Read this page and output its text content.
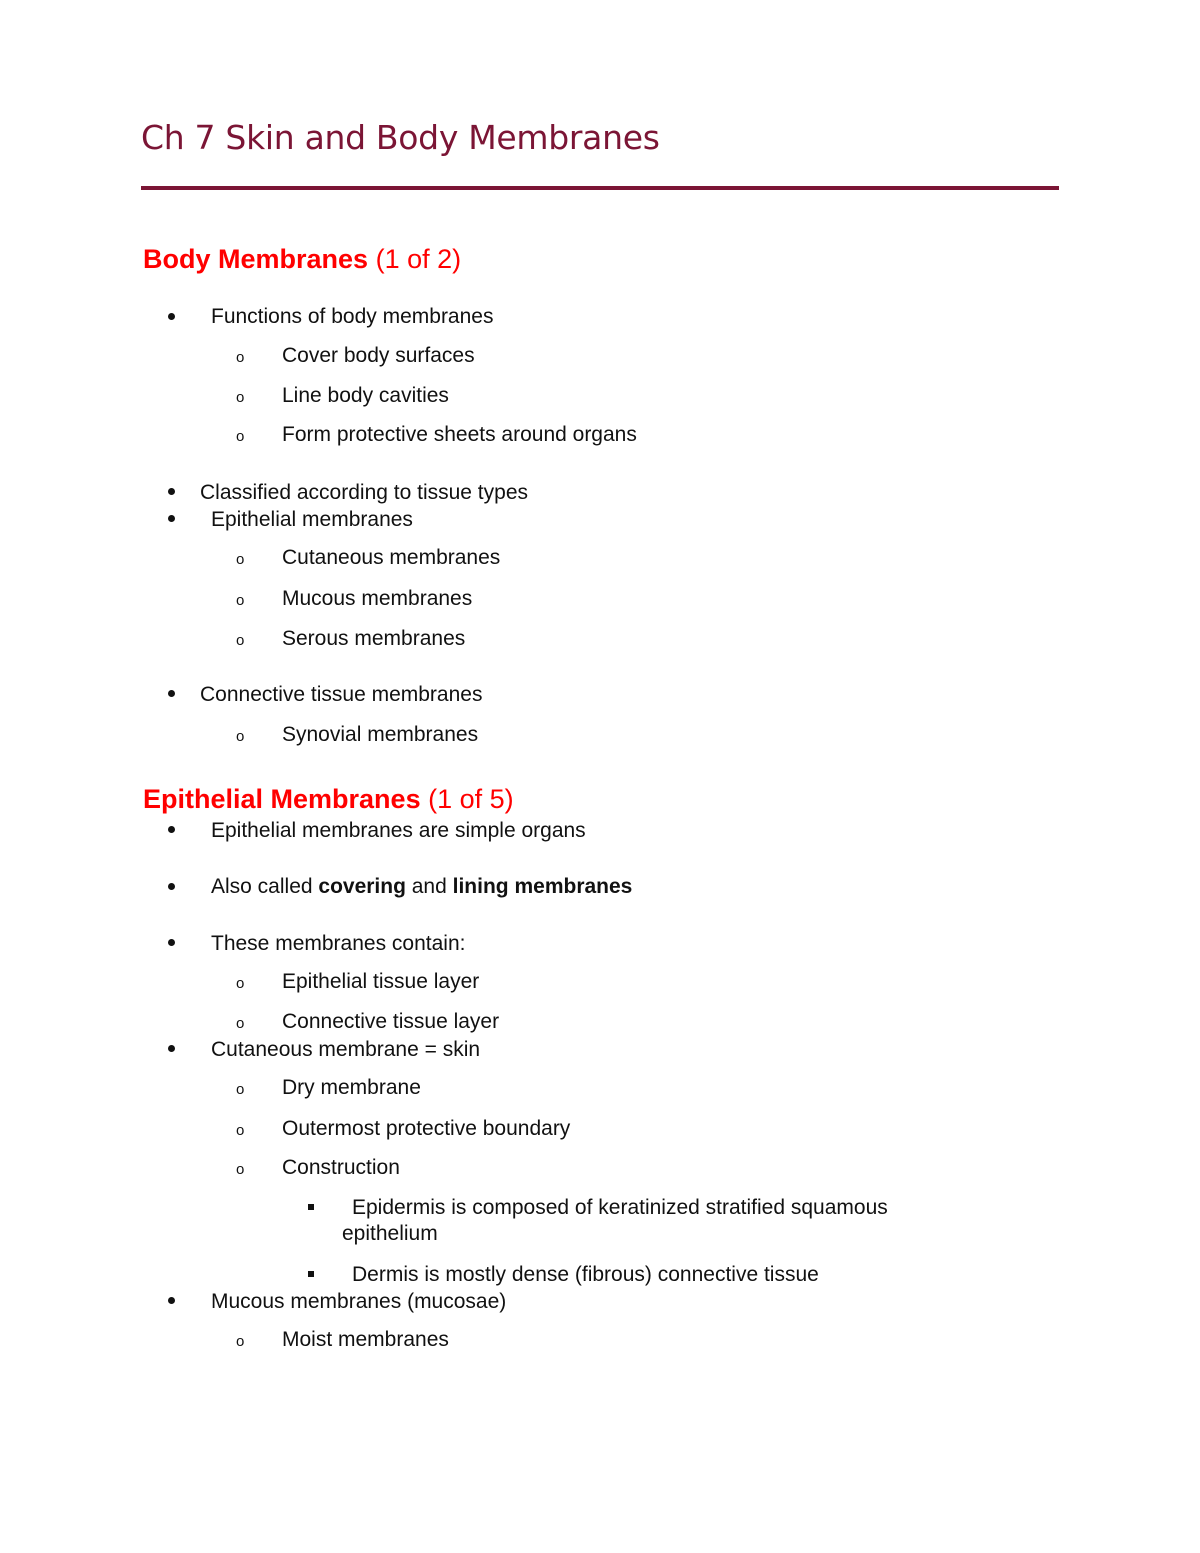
Ch 7 Skin and Body Membranes
Body Membranes (1 of 2)
Functions of body membranes
o Cover body surfaces
o Line body cavities
o Form protective sheets around organs
Classified according to tissue types
Epithelial membranes
o Cutaneous membranes
o Mucous membranes
o Serous membranes
Connective tissue membranes
o Synovial membranes
Epithelial Membranes (1 of 5)
Epithelial membranes are simple organs
Also called covering and lining membranes
These membranes contain:
o Epithelial tissue layer
o Connective tissue layer
Cutaneous membrane = skin
o Dry membrane
o Outermost protective boundary
o Construction
Epidermis is composed of keratinized stratified squamous
epithelium
Dermis is mostly dense (fibrous) connective tissue
Mucous membranes (mucosae)
o Moist membranes
